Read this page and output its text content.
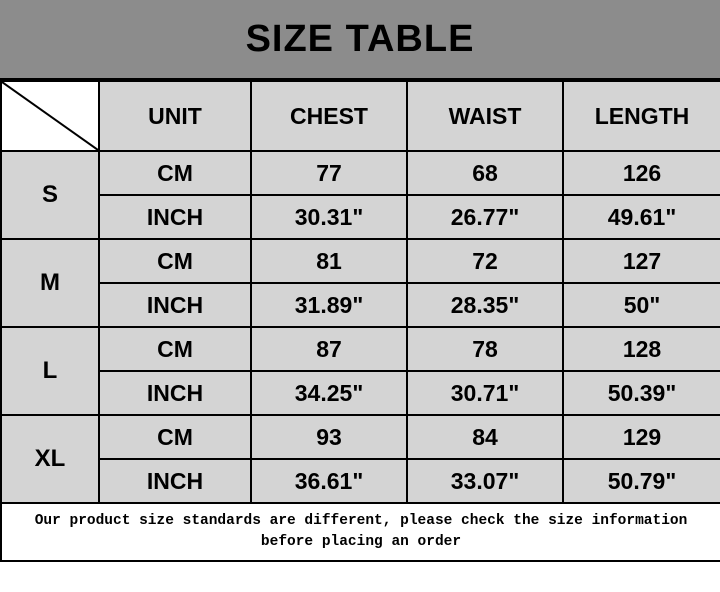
SIZE TABLE
	UNIT	CHEST	WAIST	LENGTH
S	CM	77	68	126
	INCH	30.31"	26.77"	49.61"
M	CM	81	72	127
	INCH	31.89"	28.35"	50"
L	CM	87	78	128
	INCH	34.25"	30.71"	50.39"
XL	CM	93	84	129
	INCH	36.61"	33.07"	50.79"

Our product size standards are different, please check the size information
before placing an order				
